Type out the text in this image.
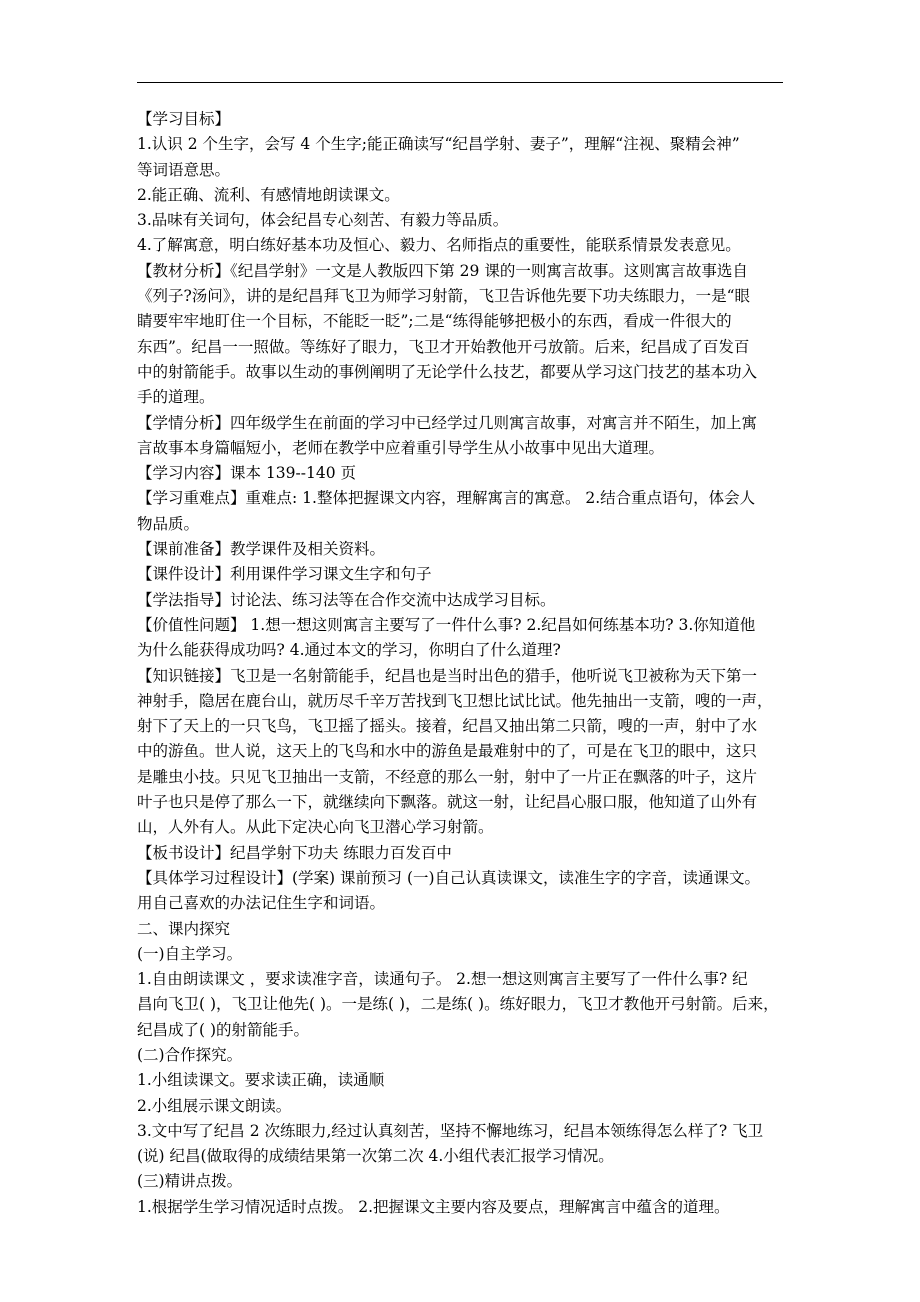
【学习目标】
1.认识 2 个生字，会写 4 个生字;能正确读写“纪昌学射、妻子”，理解“注视、聚精会神”
等词语意思。
2.能正确、流利、有感情地朗读课文。
3.品味有关词句，体会纪昌专心刻苦、有毅力等品质。
4.了解寓意，明白练好基本功及恒心、毅力、名师指点的重要性，能联系情景发表意见。
【教材分析】《纪昌学射》一文是人教版四下第 29 课的一则寓言故事。这则寓言故事选自
《列子?汤问》，讲的是纪昌拜飞卫为师学习射箭，飞卫告诉他先要下功夫练眼力，一是“眼
睛要牢牢地盯住一个目标，不能眨一眨”;二是“练得能够把极小的东西，看成一件很大的
东西”。纪昌一一照做。等练好了眼力，飞卫才开始教他开弓放箭。后来，纪昌成了百发百
中的射箭能手。故事以生动的事例阐明了无论学什么技艺，都要从学习这门技艺的基本功入
手的道理。
【学情分析】四年级学生在前面的学习中已经学过几则寓言故事，对寓言并不陌生，加上寓
言故事本身篇幅短小，老师在教学中应着重引导学生从小故事中见出大道理。
【学习内容】课本 139--140 页
【学习重难点】重难点: 1.整体把握课文内容，理解寓言的寓意。 2.结合重点语句，体会人
物品质。
【课前准备】教学课件及相关资料。
【课件设计】利用课件学习课文生字和句子
【学法指导】讨论法、练习法等在合作交流中达成学习目标。
【价值性问题】 1.想一想这则寓言主要写了一件什么事? 2.纪昌如何练基本功? 3.你知道他
为什么能获得成功吗? 4.通过本文的学习，你明白了什么道理?
【知识链接】飞卫是一名射箭能手，纪昌也是当时出色的猎手，他听说飞卫被称为天下第一
神射手，隐居在鹿台山，就历尽千辛万苦找到飞卫想比试比试。他先抽出一支箭，嗖的一声，
射下了天上的一只飞鸟，飞卫摇了摇头。接着，纪昌又抽出第二只箭，嗖的一声，射中了水
中的游鱼。世人说，这天上的飞鸟和水中的游鱼是最难射中的了，可是在飞卫的眼中，这只
是雕虫小技。只见飞卫抽出一支箭，不经意的那么一射，射中了一片正在飘落的叶子，这片
叶子也只是停了那么一下，就继续向下飘落。就这一射，让纪昌心服口服，他知道了山外有
山，人外有人。从此下定决心向飞卫潜心学习射箭。
【板书设计】纪昌学射下功夫 练眼力百发百中
【具体学习过程设计】(学案) 课前预习 (一)自己认真读课文，读准生字的字音，读通课文。
用自己喜欢的办法记住生字和词语。
二、课内探究
(一)自主学习。
1.自由朗读课文 ，要求读准字音，读通句子。 2.想一想这则寓言主要写了一件什么事? 纪
昌向飞卫( )，飞卫让他先( )。一是练( )，二是练( )。练好眼力，飞卫才教他开弓射箭。后来，
纪昌成了( )的射箭能手。
(二)合作探究。
1.小组读课文。要求读正确，读通顺
2.小组展示课文朗读。
3.文中写了纪昌 2 次练眼力,经过认真刻苦，坚持不懈地练习，纪昌本领练得怎么样了? 飞卫
(说) 纪昌(做取得的成绩结果第一次第二次 4.小组代表汇报学习情况。
(三)精讲点拨。
1.根据学生学习情况适时点拨。 2.把握课文主要内容及要点，理解寓言中蕴含的道理。
